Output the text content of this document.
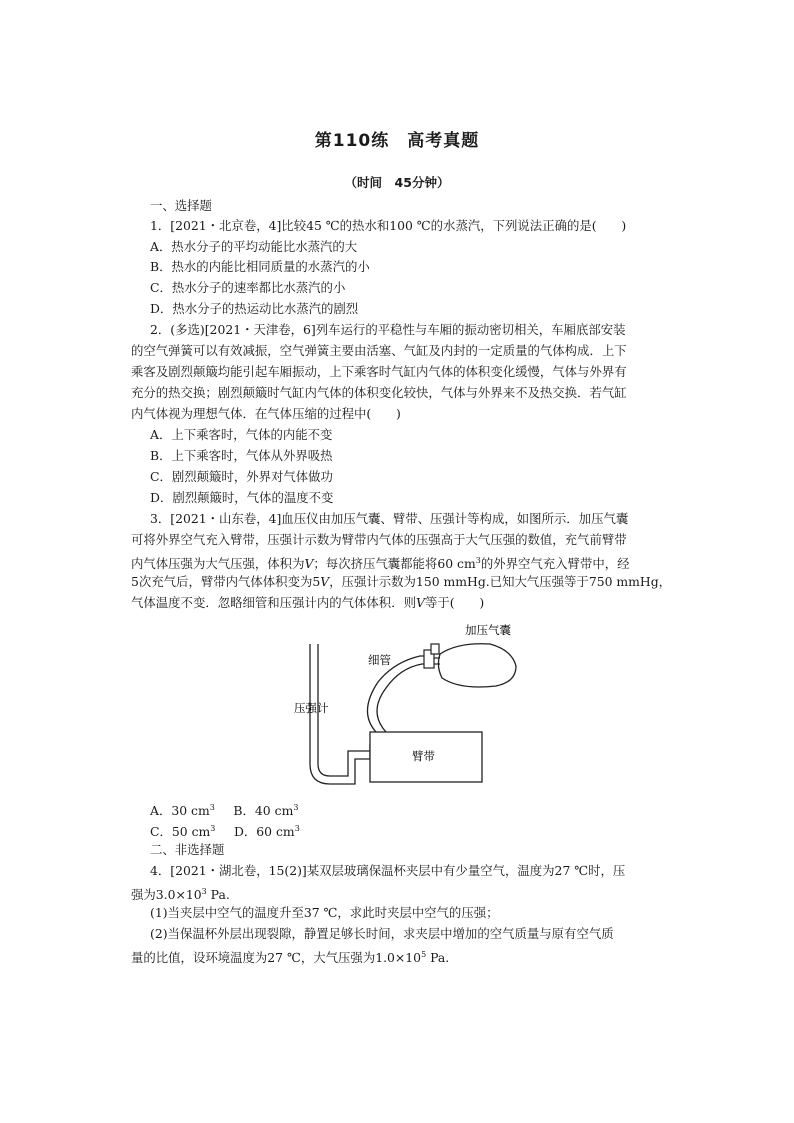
第110练　高考真题
（时间　45分钟）
一、选择题
1．[2021・北京卷，4]比较45 ℃的热水和100 ℃的水蒸汽，下列说法正确的是(　　)
A．热水分子的平均动能比水蒸汽的大
B．热水的内能比相同质量的水蒸汽的小
C．热水分子的速率都比水蒸汽的小
D．热水分子的热运动比水蒸汽的剧烈
2．(多选)[2021・天津卷，6]列车运行的平稳性与车厢的振动密切相关，车厢底部安装
的空气弹簧可以有效减振，空气弹簧主要由活塞、气缸及内封的一定质量的气体构成．上下
乘客及剧烈颠簸均能引起车厢振动，上下乘客时气缸内气体的体积变化缓慢，气体与外界有
充分的热交换；剧烈颠簸时气缸内气体的体积变化较快，气体与外界来不及热交换．若气缸
内气体视为理想气体．在气体压缩的过程中(　　)
A．上下乘客时，气体的内能不变
B．上下乘客时，气体从外界吸热
C．剧烈颠簸时，外界对气体做功
D．剧烈颠簸时，气体的温度不变
3．[2021・山东卷，4]血压仪由加压气囊、臂带、压强计等构成，如图所示．加压气囊
可将外界空气充入臂带，压强计示数为臂带内气体的压强高于大气压强的数值，充气前臂带
内气体压强为大气压强，体积为V；每次挤压气囊都能将60 $cm^3$的外界空气充入臂带中，经
5次充气后，臂带内气体体积变为5V，压强计示数为150 mmHg.已知大气压强等于750 mmHg，
气体温度不变．忽略细管和压强计内的气体体积．则V等于(　　)
加压气囊
细管
压强计
臂带
A．30 $cm^3$   B．40 $cm^3$
C．50 $cm^3$   D．60 $cm^3$
二、非选择题
4．[2021・湖北卷，15(2)]某双层玻璃保温杯夹层中有少量空气，温度为27 ℃时，压
强为$3.0\times 10^3$ Pa.
(1)当夹层中空气的温度升至37 ℃，求此时夹层中空气的压强；
(2)当保温杯外层出现裂隙，静置足够长时间，求夹层中增加的空气质量与原有空气质
量的比值，设环境温度为27 ℃，大气压强为$1.0\times 10^5$ Pa.
